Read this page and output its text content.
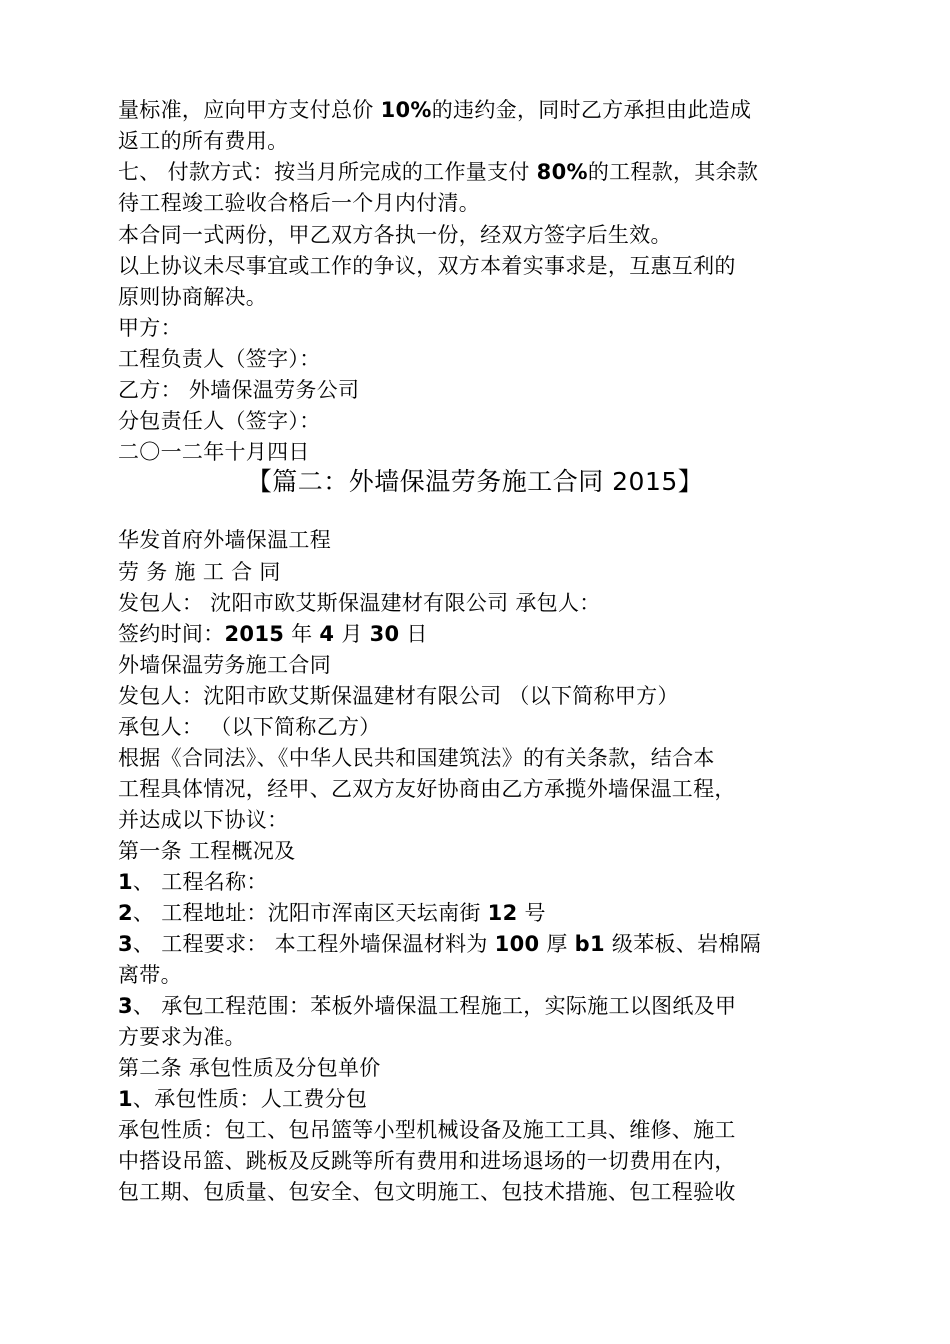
量标准，应向甲方支付总价 10%的违约金，同时乙方承担由此造成
返工的所有费用。
七、 付款方式：按当月所完成的工作量支付 80%的工程款，其余款
待工程竣工验收合格后一个月内付清。
本合同一式两份，甲乙双方各执一份，经双方签字后生效。
以上协议未尽事宜或工作的争议，双方本着实事求是，互惠互利的
原则协商解决。
甲方：
工程负责人（签字）：
乙方： 外墙保温劳务公司
分包责任人（签字）：
二〇一二年十月四日
【篇二：外墙保温劳务施工合同 2015】
华发首府外墙保温工程
劳 务 施 工 合 同
发包人： 沈阳市欧艾斯保温建材有限公司 承包人：
签约时间：2015 年 4 月 30 日
外墙保温劳务施工合同
发包人：沈阳市欧艾斯保温建材有限公司 （以下简称甲方）
承包人： （以下简称乙方）
根据《合同法》、《中华人民共和国建筑法》的有关条款，结合本
工程具体情况，经甲、乙双方友好协商由乙方承揽外墙保温工程，
并达成以下协议：
第一条 工程概况及
1、 工程名称：
2、 工程地址：沈阳市浑南区天坛南街 12 号
3、 工程要求： 本工程外墙保温材料为 100 厚 b1 级苯板、岩棉隔
离带。
3、 承包工程范围：苯板外墙保温工程施工，实际施工以图纸及甲
方要求为准。
第二条 承包性质及分包单价
1、承包性质：人工费分包
承包性质：包工、包吊篮等小型机械设备及施工工具、维修、施工
中搭设吊篮、跳板及反跳等所有费用和进场退场的一切费用在内，
包工期、包质量、包安全、包文明施工、包技术措施、包工程验收
